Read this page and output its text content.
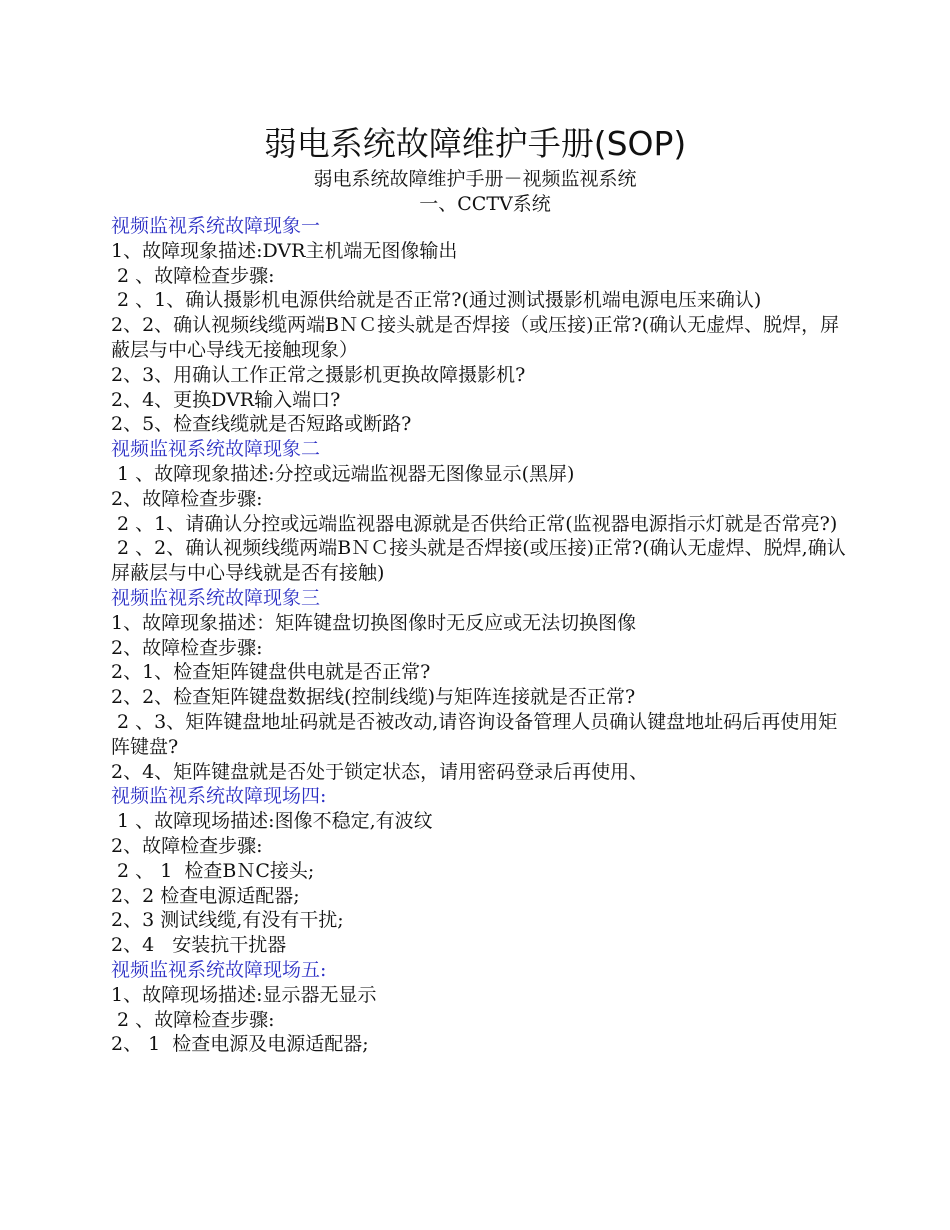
弱电系统故障维护手册(SOP)

弱电系统故障维护手册－视频监视系统

一、CCTV系统

视频监视系统故障现象一

1、故障现象描述:DVR主机端无图像输出

2 、故障检查步骤:

2 、1、确认摄影机电源供给就是否正常?(通过测试摄影机端电源电压来确认)

2、2、确认视频线缆两端BＮＣ接头就是否焊接（或压接)正常?(确认无虚焊、脱焊，屏蔽层与中心导线无接触现象）

2、3、用确认工作正常之摄影机更换故障摄影机?

2、4、更换DVR输入端口?

2、5、检查线缆就是否短路或断路?

视频监视系统故障现象二

1 、故障现象描述:分控或远端监视器无图像显示(黑屏)

2、故障检查步骤:

2 、1、请确认分控或远端监视器电源就是否供给正常(监视器电源指示灯就是否常亮?)

2 、2、确认视频线缆两端BＮＣ接头就是否焊接(或压接)正常?(确认无虚焊、脱焊,确认屏蔽层与中心导线就是否有接触)

视频监视系统故障现象三

1、故障现象描述：矩阵键盘切换图像时无反应或无法切换图像

2、故障检查步骤:

2、1、检查矩阵键盘供电就是否正常?

2、2、检查矩阵键盘数据线(控制线缆)与矩阵连接就是否正常?

2 、3、矩阵键盘地址码就是否被改动,请咨询设备管理人员确认键盘地址码后再使用矩阵键盘?

2、4、矩阵键盘就是否处于锁定状态，请用密码登录后再使用、

视频监视系统故障现场四:

1 、故障现场描述:图像不稳定,有波纹

2、故障检查步骤:

2 、 1  检查BＮC接头;

2、2 检查电源适配器;

2、3 测试线缆,有没有干扰;

2、4   安装抗干扰器

视频监视系统故障现场五:

1、故障现场描述:显示器无显示

2 、故障检查步骤:

2、 1  检查电源及电源适配器;
